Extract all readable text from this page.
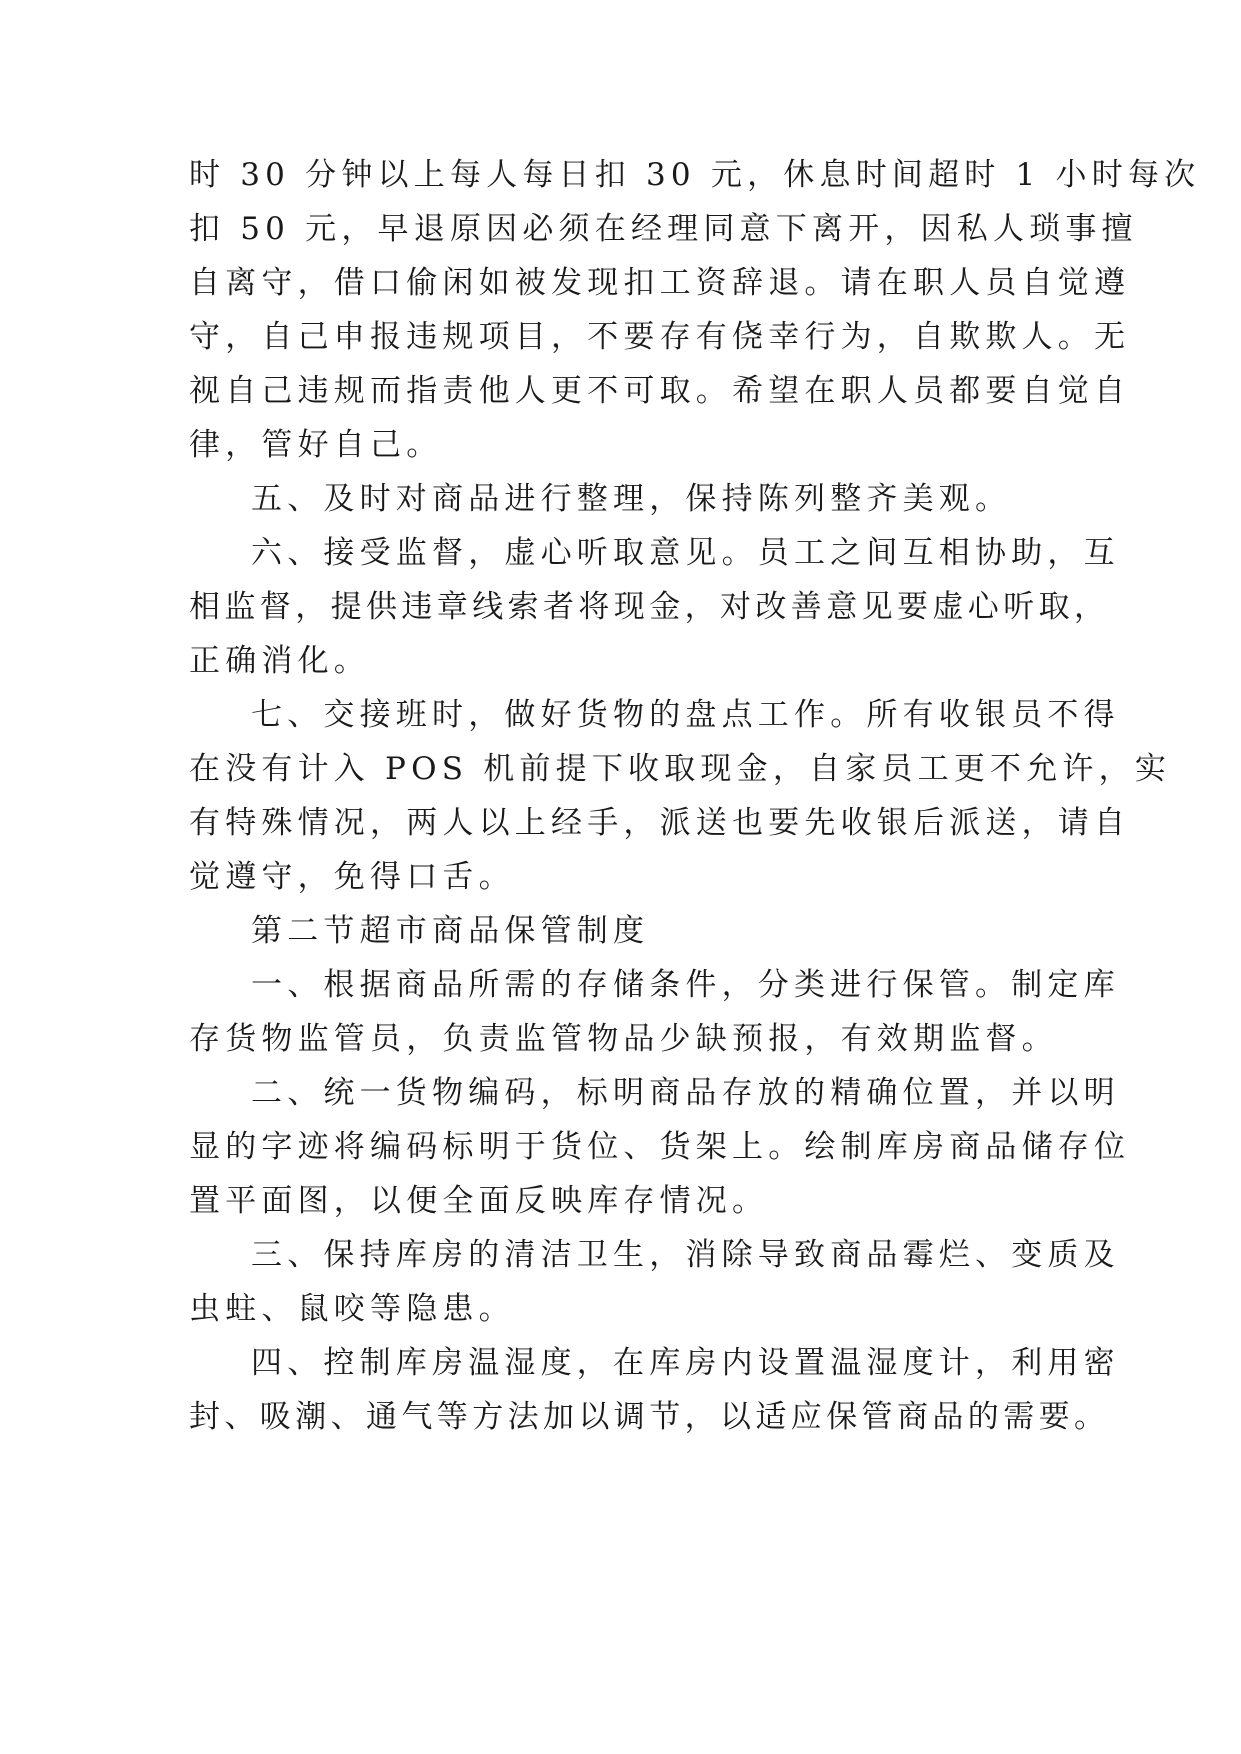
时 30 分钟以上每人每日扣 30 元，休息时间超时 1 小时每次
扣 50 元，早退原因必须在经理同意下离开，因私人琐事擅
自离守，借口偷闲如被发现扣工资辞退。请在职人员自觉遵
守，自己申报违规项目，不要存有侥幸行为，自欺欺人。无
视自己违规而指责他人更不可取。希望在职人员都要自觉自
律，管好自己。
五、及时对商品进行整理，保持陈列整齐美观。
六、接受监督，虚心听取意见。员工之间互相协助，互
相监督，提供违章线索者将现金，对改善意见要虚心听取，
正确消化。
七、交接班时，做好货物的盘点工作。所有收银员不得
在没有计入 POS 机前提下收取现金，自家员工更不允许，实
有特殊情况，两人以上经手，派送也要先收银后派送，请自
觉遵守，免得口舌。
第二节超市商品保管制度
一、根据商品所需的存储条件，分类进行保管。制定库
存货物监管员，负责监管物品少缺预报，有效期监督。
二、统一货物编码，标明商品存放的精确位置，并以明
显的字迹将编码标明于货位、货架上。绘制库房商品储存位
置平面图，以便全面反映库存情况。
三、保持库房的清洁卫生，消除导致商品霉烂、变质及
虫蛀、鼠咬等隐患。
四、控制库房温湿度，在库房内设置温湿度计，利用密
封、吸潮、通气等方法加以调节，以适应保管商品的需要。
